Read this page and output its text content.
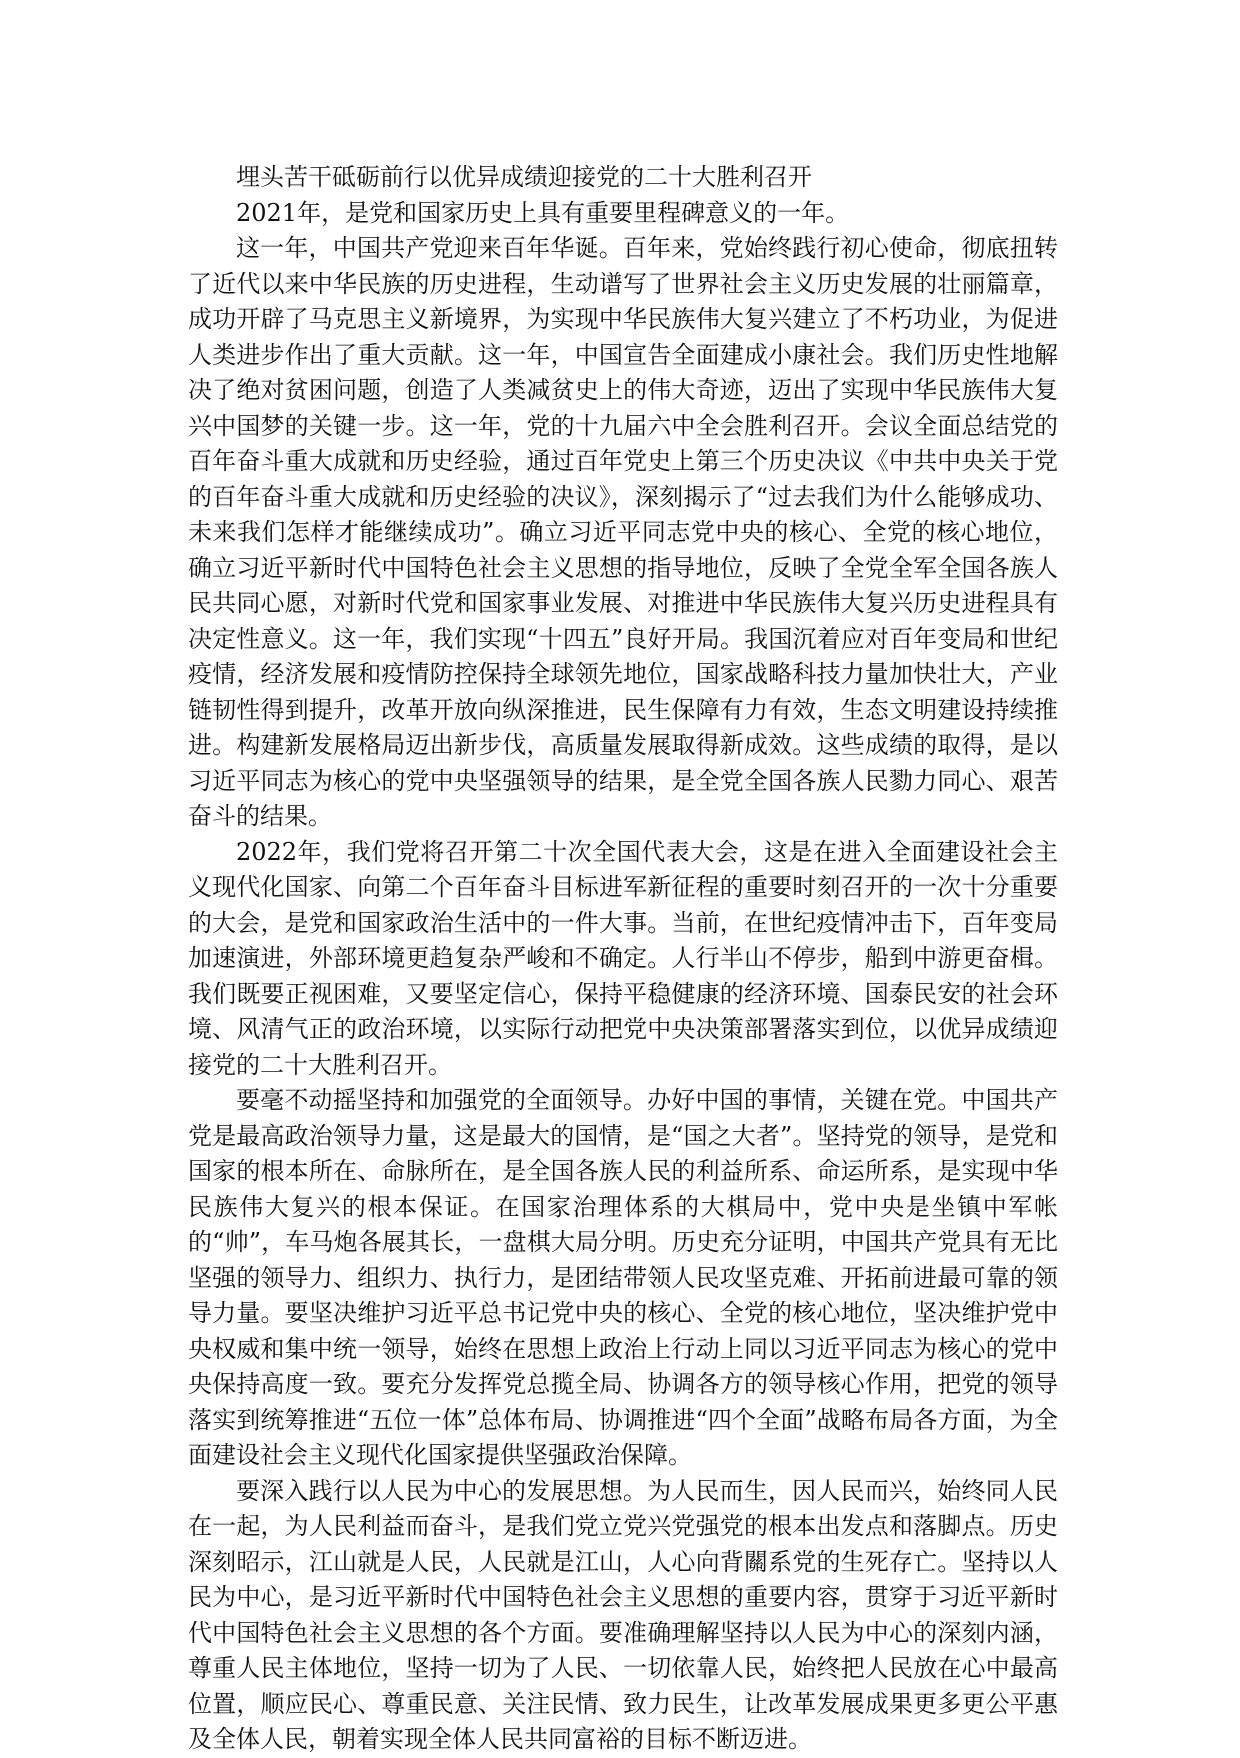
埋头苦干砥砺前行以优异成绩迎接党的二十大胜利召开

2021年，是党和国家历史上具有重要里程碑意义的一年。

这一年，中国共产党迎来百年华诞。百年来，党始终践行初心使命，彻底扭转了近代以来中华民族的历史进程，生动谱写了世界社会主义历史发展的壮丽篇章，成功开辟了马克思主义新境界，为实现中华民族伟大复兴建立了不朽功业，为促进人类进步作出了重大贡献。这一年，中国宣告全面建成小康社会。我们历史性地解决了绝对贫困问题，创造了人类减贫史上的伟大奇迹，迈出了实现中华民族伟大复兴中国梦的关键一步。这一年，党的十九届六中全会胜利召开。会议全面总结党的百年奋斗重大成就和历史经验，通过百年党史上第三个历史决议《中共中央关于党的百年奋斗重大成就和历史经验的决议》，深刻揭示了“过去我们为什么能够成功、未来我们怎样才能继续成功”。确立习近平同志党中央的核心、全党的核心地位，确立习近平新时代中国特色社会主义思想的指导地位，反映了全党全军全国各族人民共同心愿，对新时代党和国家事业发展、对推进中华民族伟大复兴历史进程具有决定性意义。这一年，我们实现“十四五”良好开局。我国沉着应对百年变局和世纪疫情，经济发展和疫情防控保持全球领先地位，国家战略科技力量加快壮大，产业链韧性得到提升，改革开放向纵深推进，民生保障有力有效，生态文明建设持续推进。构建新发展格局迈出新步伐，高质量发展取得新成效。这些成绩的取得，是以习近平同志为核心的党中央坚强领导的结果，是全党全国各族人民勠力同心、艰苦奋斗的结果。

2022年，我们党将召开第二十次全国代表大会，这是在进入全面建设社会主义现代化国家、向第二个百年奋斗目标进军新征程的重要时刻召开的一次十分重要的大会，是党和国家政治生活中的一件大事。当前，在世纪疫情冲击下，百年变局加速演进，外部环境更趋复杂严峻和不确定。人行半山不停步，船到中游更奋楫。我们既要正视困难，又要坚定信心，保持平稳健康的经济环境、国泰民安的社会环境、风清气正的政治环境，以实际行动把党中央决策部署落实到位，以优异成绩迎接党的二十大胜利召开。

要毫不动摇坚持和加强党的全面领导。办好中国的事情，关键在党。中国共产党是最高政治领导力量，这是最大的国情，是“国之大者”。坚持党的领导，是党和国家的根本所在、命脉所在，是全国各族人民的利益所系、命运所系，是实现中华民族伟大复兴的根本保证。在国家治理体系的大棋局中，党中央是坐镇中军帐的“帅”，车马炮各展其长，一盘棋大局分明。历史充分证明，中国共产党具有无比坚强的领导力、组织力、执行力，是团结带领人民攻坚克难、开拓前进最可靠的领导力量。要坚决维护习近平总书记党中央的核心、全党的核心地位，坚决维护党中央权威和集中统一领导，始终在思想上政治上行动上同以习近平同志为核心的党中央保持高度一致。要充分发挥党总揽全局、协调各方的领导核心作用，把党的领导落实到统筹推进“五位一体”总体布局、协调推进“四个全面”战略布局各方面，为全面建设社会主义现代化国家提供坚强政治保障。

要深入践行以人民为中心的发展思想。为人民而生，因人民而兴，始终同人民在一起，为人民利益而奋斗，是我们党立党兴党强党的根本出发点和落脚点。历史深刻昭示，江山就是人民，人民就是江山，人心向背關系党的生死存亡。坚持以人民为中心，是习近平新时代中国特色社会主义思想的重要内容，贯穿于习近平新时代中国特色社会主义思想的各个方面。要准确理解坚持以人民为中心的深刻内涵，尊重人民主体地位，坚持一切为了人民、一切依靠人民，始终把人民放在心中最高位置，顺应民心、尊重民意、关注民情、致力民生，让改革发展成果更多更公平惠及全体人民，朝着实现全体人民共同富裕的目标不断迈进。
